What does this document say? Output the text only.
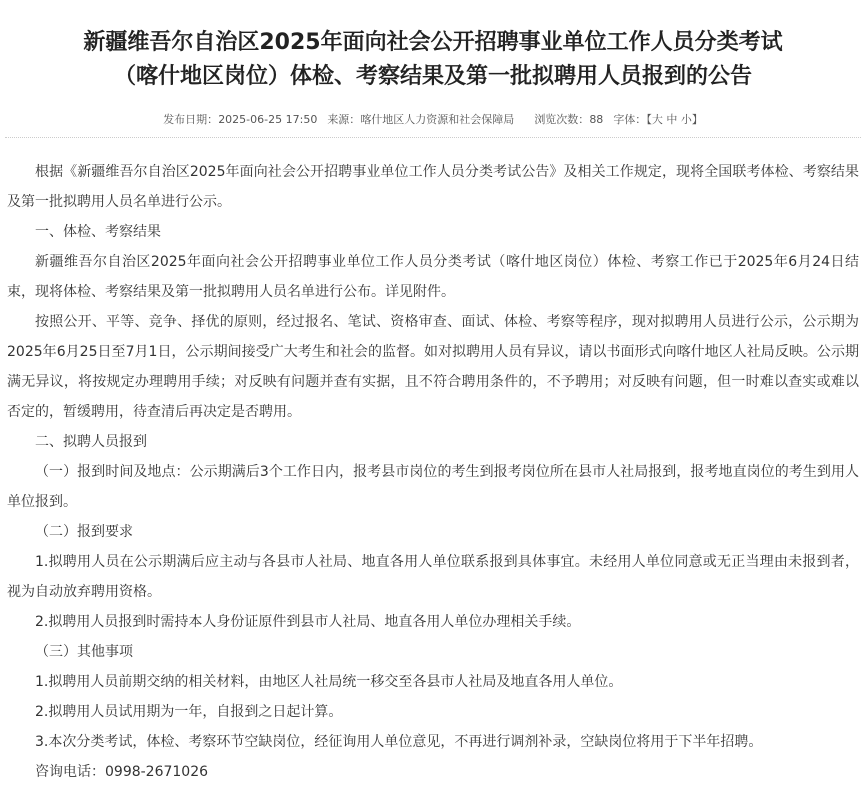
新疆维吾尔自治区2025年面向社会公开招聘事业单位工作人员分类考试
（喀什地区岗位）体检、考察结果及第一批拟聘用人员报到的公告
发布日期：2025-06-25 17:50 来源：喀什地区人力资源和社会保障局 浏览次数：88 字体：【大 中 小】

根据《新疆维吾尔自治区2025年面向社会公开招聘事业单位工作人员分类考试公告》及相关工作规定，现将全国联考体检、考察结果及第一批拟聘用人员名单进行公示。

一、体检、考察结果

新疆维吾尔自治区2025年面向社会公开招聘事业单位工作人员分类考试（喀什地区岗位）体检、考察工作已于2025年6月24日结束，现将体检、考察结果及第一批拟聘用人员名单进行公布。详见附件。

按照公开、平等、竞争、择优的原则，经过报名、笔试、资格审查、面试、体检、考察等程序，现对拟聘用人员进行公示，公示期为2025年6月25日至7月1日，公示期间接受广大考生和社会的监督。如对拟聘用人员有异议，请以书面形式向喀什地区人社局反映。公示期满无异议，将按规定办理聘用手续；对反映有问题并查有实据，且不符合聘用条件的，不予聘用；对反映有问题，但一时难以查实或难以否定的，暂缓聘用，待查清后再决定是否聘用。

二、拟聘人员报到

（一）报到时间及地点：公示期满后3个工作日内，报考县市岗位的考生到报考岗位所在县市人社局报到，报考地直岗位的考生到用人单位报到。

（二）报到要求

1.拟聘用人员在公示期满后应主动与各县市人社局、地直各用人单位联系报到具体事宜。未经用人单位同意或无正当理由未报到者，视为自动放弃聘用资格。

2.拟聘用人员报到时需持本人身份证原件到县市人社局、地直各用人单位办理相关手续。

（三）其他事项

1.拟聘用人员前期交纳的相关材料，由地区人社局统一移交至各县市人社局及地直各用人单位。

2.拟聘用人员试用期为一年，自报到之日起计算。

3.本次分类考试，体检、考察环节空缺岗位，经征询用人单位意见，不再进行调剂补录，空缺岗位将用于下半年招聘。

咨询电话：0998-2671026
